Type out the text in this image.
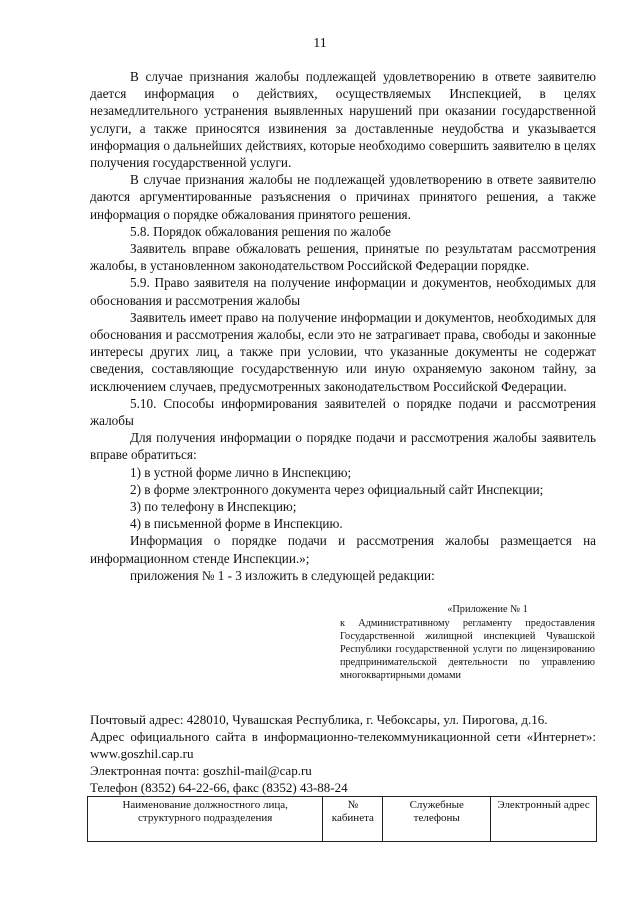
11

В случае признания жалобы подлежащей удовлетворению в ответе заявителю дается информация о действиях, осуществляемых Инспекцией, в целях незамедлительного устранения выявленных нарушений при оказании государственной услуги, а также приносятся извинения за доставленные неудобства и указывается информация о дальнейших действиях, которые необходимо совершить заявителю в целях получения государственной услуги.

В случае признания жалобы не подлежащей удовлетворению в ответе заявителю даются аргументированные разъяснения о причинах принятого решения, а также информация о порядке обжалования принятого решения.

5.8. Порядок обжалования решения по жалобе

Заявитель вправе обжаловать решения, принятые по результатам рассмотрения жалобы, в установленном законодательством Российской Федерации порядке.

5.9. Право заявителя на получение информации и документов, необходимых для обоснования и рассмотрения жалобы

Заявитель имеет право на получение информации и документов, необходимых для обоснования и рассмотрения жалобы, если это не затрагивает права, свободы и законные интересы других лиц, а также при условии, что указанные документы не содержат сведения, составляющие государственную или иную охраняемую законом тайну, за исключением случаев, предусмотренных законодательством Российской Федерации.

5.10. Способы информирования заявителей о порядке подачи и рассмотрения жалобы

Для получения информации о порядке подачи и рассмотрения жалобы заявитель вправе обратиться:

1) в устной форме лично в Инспекцию;

2) в форме электронного документа через официальный сайт Инспекции;

3) по телефону в Инспекцию;

4) в письменной форме в Инспекцию.

Информация о порядке подачи и рассмотрения жалобы размещается на информационном стенде Инспекции.»;

приложения № 1 - 3 изложить в следующей редакции:

«Приложение № 1
к Административному регламенту предоставления Государственной жилищной инспекцией Чувашской Республики государственной услуги по лицензированию предпринимательской деятельности по управлению многоквартирными домами

Почтовый адрес: 428010, Чувашская Республика, г. Чебоксары, ул. Пирогова, д.16.

Адрес официального сайта в информационно-телекоммуникационной сети «Интернет»: www.goszhil.cap.ru

Электронная почта: goszhil-mail@cap.ru

Телефон (8352) 64-22-66, факс (8352) 43-88-24

Наименование должностного лица, структурного подразделения	№ кабинета	Служебные телефоны	Электронный адрес
